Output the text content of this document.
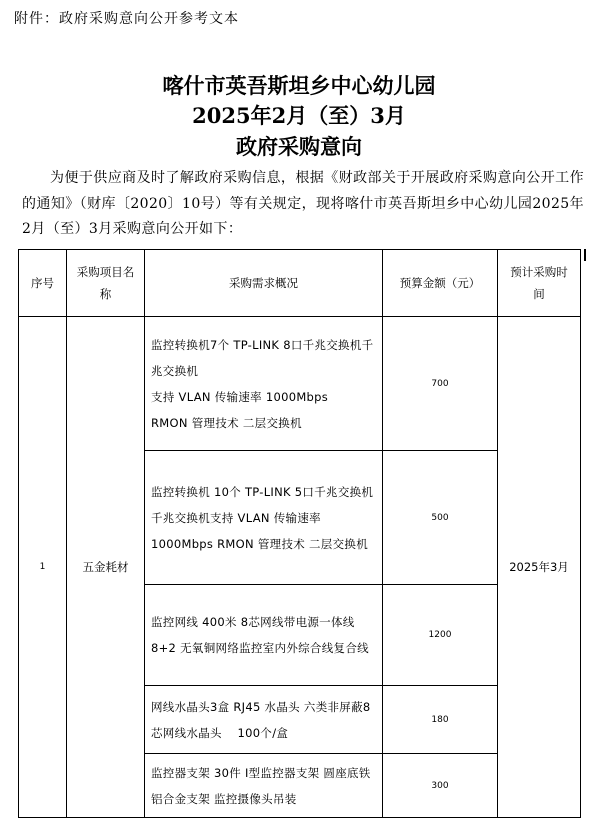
附件：政府采购意向公开参考文本
喀什市英吾斯坦乡中心幼儿园
2025年2月（至）3月
政府采购意向
为便于供应商及时了解政府采购信息，根据《财政部关于开展政府采购意向公开工作的通知》（财库〔2020〕10号）等有关规定，现将喀什市英吾斯坦乡中心幼儿园2025年2月（至）3月采购意向公开如下：
序号	采购项目名称	采购需求概况	预算金额（元）	预计采购时间
1	五金耗材	监控转换机7个 TP-LINK 8口千兆交换机千兆交换机
支持 VLAN 传输速率 1000Mbps
RMON 管理技术 二层交换机	700	2025年3月
		监控转换机 10个 TP-LINK 5口千兆交换机千兆交换机支持 VLAN 传输速率 1000Mbps RMON 管理技术 二层交换机	500	
		监控网线 400米 8芯网线带电源一体线 8+2 无氧铜网络监控室内外综合线复合线	1200	
		网线水晶头3盒 RJ45 水晶头 六类非屏蔽8芯网线水晶头　 100个/盒	180	
		监控器支架 30件 I型监控器支架 圆座底铁铝合金支架 监控摄像头吊装	300	
